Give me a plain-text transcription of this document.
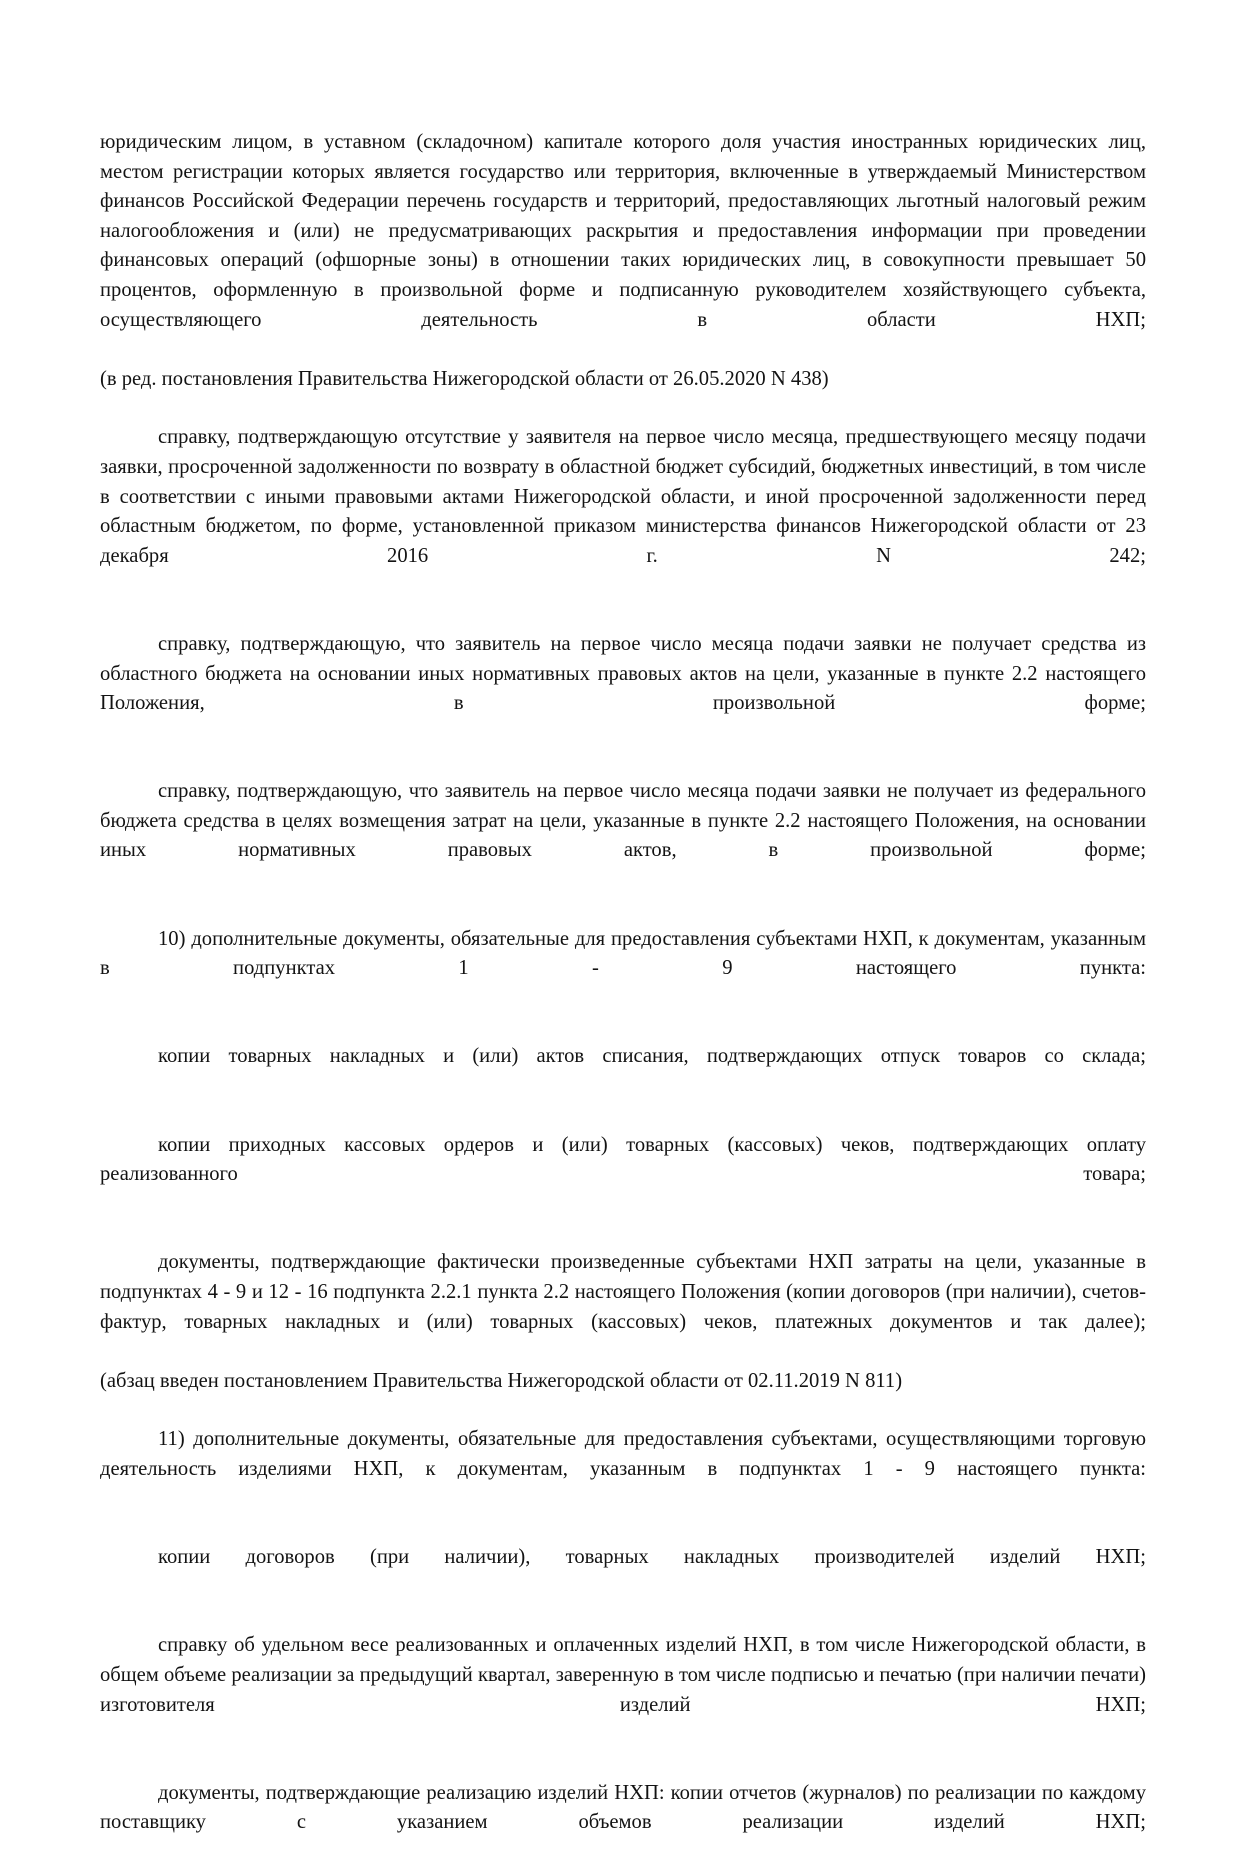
юридическим лицом, в уставном (складочном) капитале которого доля участия иностранных юридических лиц, местом регистрации которых является государство или территория, включенные в утверждаемый Министерством финансов Российской Федерации перечень государств и территорий, предоставляющих льготный налоговый режим налогообложения и (или) не предусматривающих раскрытия и предоставления информации при проведении финансовых операций (офшорные зоны) в отношении таких юридических лиц, в совокупности превышает 50 процентов, оформленную в произвольной форме и подписанную руководителем хозяйствующего субъекта, осуществляющего деятельность в области НХП;

(в ред. постановления Правительства Нижегородской области от 26.05.2020 N 438)

справку, подтверждающую отсутствие у заявителя на первое число месяца, предшествующего месяцу подачи заявки, просроченной задолженности по возврату в областной бюджет субсидий, бюджетных инвестиций, в том числе в соответствии с иными правовыми актами Нижегородской области, и иной просроченной задолженности перед областным бюджетом, по форме, установленной приказом министерства финансов Нижегородской области от 23 декабря 2016 г. N 242;

справку, подтверждающую, что заявитель на первое число месяца подачи заявки не получает средства из областного бюджета на основании иных нормативных правовых актов на цели, указанные в пункте 2.2 настоящего Положения, в произвольной форме;

справку, подтверждающую, что заявитель на первое число месяца подачи заявки не получает из федерального бюджета средства в целях возмещения затрат на цели, указанные в пункте 2.2 настоящего Положения, на основании иных нормативных правовых актов, в произвольной форме;

10) дополнительные документы, обязательные для предоставления субъектами НХП, к документам, указанным в подпунктах 1 - 9 настоящего пункта:

копии товарных накладных и (или) актов списания, подтверждающих отпуск товаров со склада;

копии приходных кассовых ордеров и (или) товарных (кассовых) чеков, подтверждающих оплату реализованного товара;

документы, подтверждающие фактически произведенные субъектами НХП затраты на цели, указанные в подпунктах 4 - 9 и 12 - 16 подпункта 2.2.1 пункта 2.2 настоящего Положения (копии договоров (при наличии), счетов-фактур, товарных накладных и (или) товарных (кассовых) чеков, платежных документов и так далее);

(абзац введен постановлением Правительства Нижегородской области от 02.11.2019 N 811)

11) дополнительные документы, обязательные для предоставления субъектами, осуществляющими торговую деятельность изделиями НХП, к документам, указанным в подпунктах 1 - 9 настоящего пункта:

копии договоров (при наличии), товарных накладных производителей изделий НХП;

справку об удельном весе реализованных и оплаченных изделий НХП, в том числе Нижегородской области, в общем объеме реализации за предыдущий квартал, заверенную в том числе подписью и печатью (при наличии печати) изготовителя изделий НХП;

документы, подтверждающие реализацию изделий НХП: копии отчетов (журналов) по реализации по каждому поставщику с указанием объемов реализации изделий НХП;
